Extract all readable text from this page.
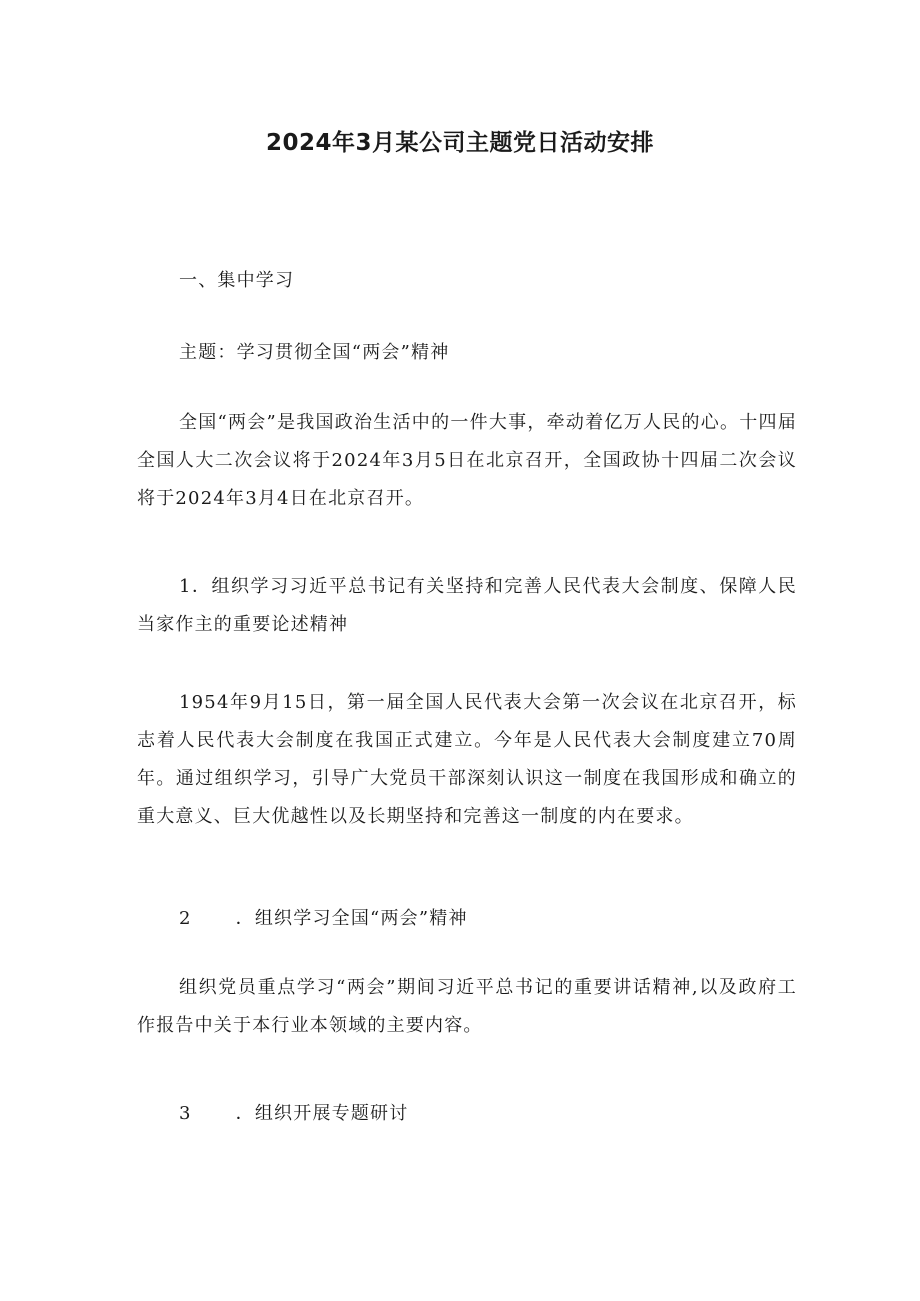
2024年3月某公司主题党日活动安排

一、集中学习

主题：学习贯彻全国“两会”精神

全国“两会”是我国政治生活中的一件大事，牵动着亿万人民的心。十四届全国人大二次会议将于2024年3月5日在北京召开，全国政协十四届二次会议将于2024年3月4日在北京召开。

1．组织学习习近平总书记有关坚持和完善人民代表大会制度、保障人民当家作主的重要论述精神

1954年9月15日，第一届全国人民代表大会第一次会议在北京召开，标志着人民代表大会制度在我国正式建立。今年是人民代表大会制度建立70周年。通过组织学习，引导广大党员干部深刻认识这一制度在我国形成和确立的重大意义、巨大优越性以及长期坚持和完善这一制度的内在要求。

2 ．组织学习全国“两会”精神

组织党员重点学习“两会”期间习近平总书记的重要讲话精神,以及政府工作报告中关于本行业本领域的主要内容。

3 ．组织开展专题研讨
